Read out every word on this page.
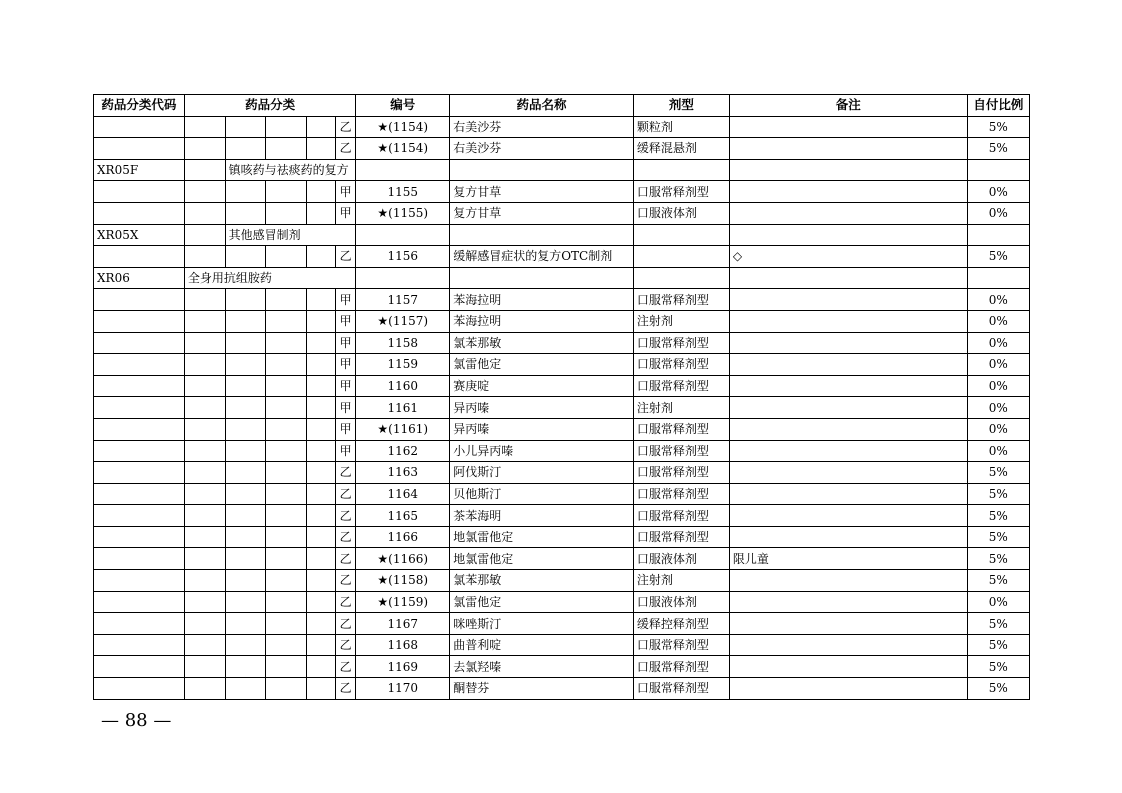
药品分类代码	药品分类					编号	药品名称	剂型	备注	自付比例
					乙	★(1154)	右美沙芬	颗粒剂		5%
					乙	★(1154)	右美沙芬	缓释混悬剂		5%
XR05F		镇咳药与祛痰药的复方								
					甲	1155	复方甘草	口服常释剂型		0%
					甲	★(1155)	复方甘草	口服液体剂		0%
XR05X		其他感冒制剂								
					乙	1156	缓解感冒症状的复方OTC制剂		◇	5%
XR06	全身用抗组胺药									
					甲	1157	苯海拉明	口服常释剂型		0%
					甲	★(1157)	苯海拉明	注射剂		0%
					甲	1158	氯苯那敏	口服常释剂型		0%
					甲	1159	氯雷他定	口服常释剂型		0%
					甲	1160	赛庚啶	口服常释剂型		0%
					甲	1161	异丙嗪	注射剂		0%
					甲	★(1161)	异丙嗪	口服常释剂型		0%
					甲	1162	小儿异丙嗪	口服常释剂型		0%
					乙	1163	阿伐斯汀	口服常释剂型		5%
					乙	1164	贝他斯汀	口服常释剂型		5%
					乙	1165	茶苯海明	口服常释剂型		5%
					乙	1166	地氯雷他定	口服常释剂型		5%
					乙	★(1166)	地氯雷他定	口服液体剂	限儿童	5%
					乙	★(1158)	氯苯那敏	注射剂		5%
					乙	★(1159)	氯雷他定	口服液体剂		0%
					乙	1167	咪唑斯汀	缓释控释剂型		5%
					乙	1168	曲普利啶	口服常释剂型		5%
					乙	1169	去氯羟嗪	口服常释剂型		5%
					乙	1170	酮替芬	口服常释剂型		5%
— 88 —
